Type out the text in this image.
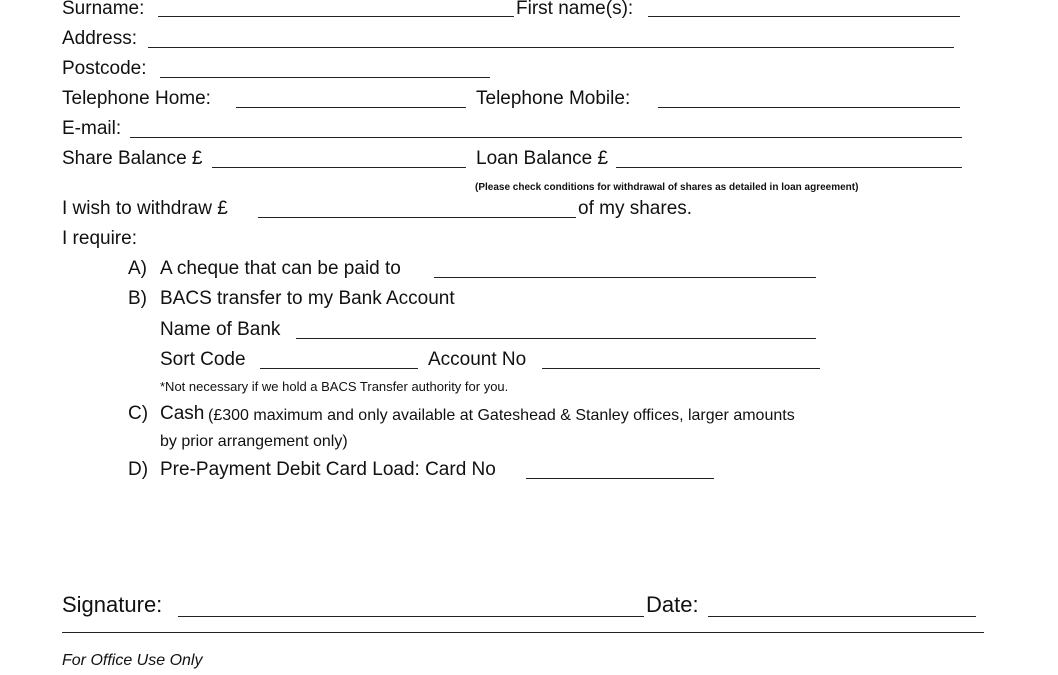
Surname:	First name(s):
Address:
Postcode:
Telephone Home:	Telephone Mobile:
E-mail:
Share Balance £	Loan Balance £
(Please check conditions for withdrawal of shares as detailed in loan agreement)
I wish to withdraw £	of my shares.
I require:
A) A cheque that can be paid to
B) BACS transfer to my Bank Account
Name of Bank
Sort Code	Account No
*Not necessary if we hold a BACS Transfer authority for you.
C) Cash (£300 maximum and only available at Gateshead & Stanley offices, larger amounts
by prior arrangement only)
D) Pre-Payment Debit Card Load: Card No
Signature:	Date:
For Office Use Only
